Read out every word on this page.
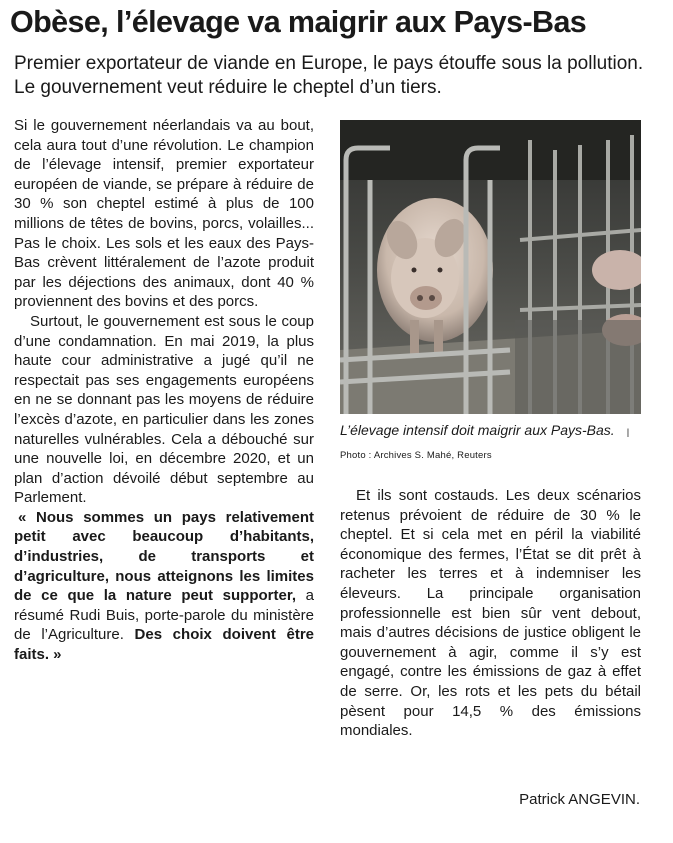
Obèse, l’élevage va maigrir aux Pays-Bas
Premier exportateur de viande en Europe, le pays étouffe sous la pollution. Le gouvernement veut réduire le cheptel d’un tiers.

Si le gouvernement néerlandais va au bout, cela aura tout d’une révolution. Le champion de l’élevage intensif, premier exportateur européen de viande, se prépare à réduire de 30 % son cheptel estimé à plus de 100 millions de têtes de bovins, porcs, volailles... Pas le choix. Les sols et les eaux des Pays-Bas crèvent littéralement de l’azote produit par les déjections des animaux, dont 40 % proviennent des bovins et des porcs.

Surtout, le gouvernement est sous le coup d’une condamnation. En mai 2019, la plus haute cour administrative a jugé qu’il ne respectait pas ses engagements européens en ne se donnant pas les moyens de réduire l’excès d’azote, en particulier dans les zones naturelles vulnérables. Cela a débouché sur une nouvelle loi, en décembre 2020, et un plan d’action dévoilé début septembre au Parlement.

« Nous sommes un pays relativement petit avec beaucoup d’habitants, d’industries, de transports et d’agriculture, nous atteignons les limites de ce que la nature peut supporter, a résumé Rudi Buis, porte-parole du ministère de l’Agriculture. Des choix doivent être faits. »

L’élevage intensif doit maigrir aux Pays-Bas. | Photo : Archives S. Mahé, Reuters

Et ils sont costauds. Les deux scénarios retenus prévoient de réduire de 30 % le cheptel. Et si cela met en péril la viabilité économique des fermes, l’État se dit prêt à racheter les terres et à indemniser les éleveurs. La principale organisation professionnelle est bien sûr vent debout, mais d’autres décisions de justice obligent le gouvernement à agir, comme il s’y est engagé, contre les émissions de gaz à effet de serre. Or, les rots et les pets du bétail pèsent pour 14,5 % des émissions mondiales.

Patrick ANGEVIN.
